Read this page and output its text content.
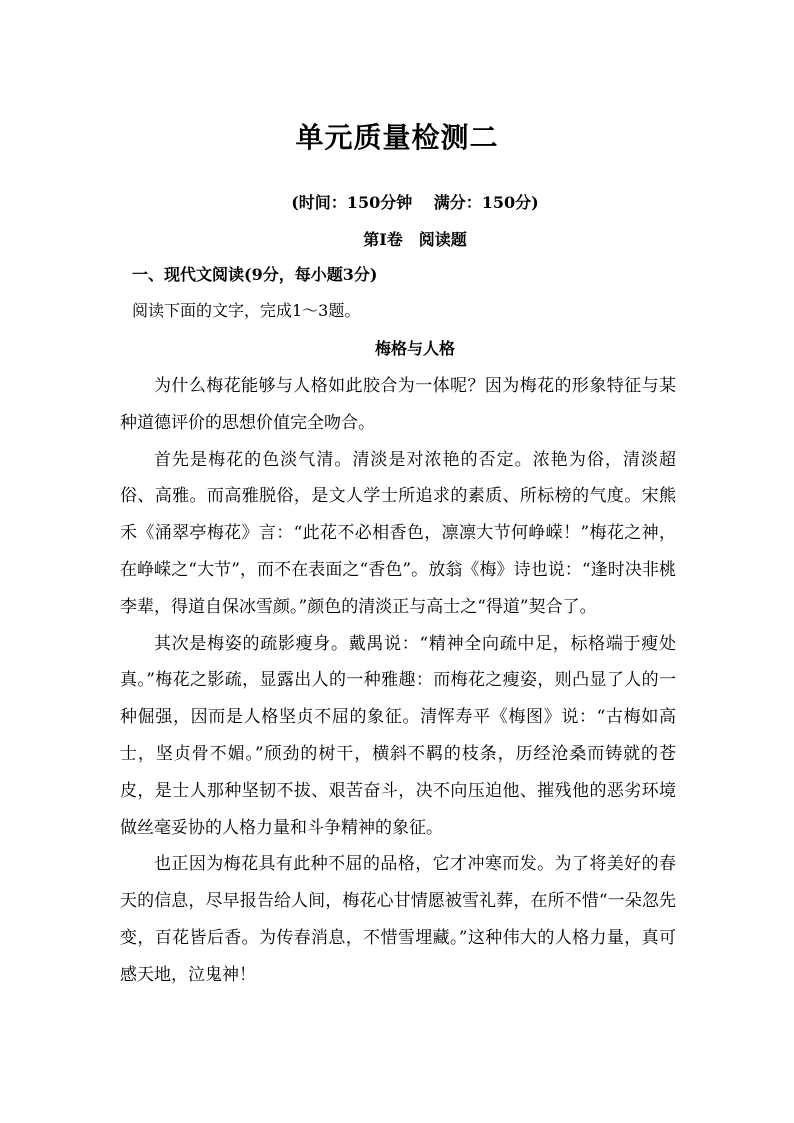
单元质量检测二
(时间：150分钟　 满分：150分)
第Ⅰ卷　阅读题
一、现代文阅读(9分，每小题3分)
阅读下面的文字，完成1～3题。
梅格与人格

为什么梅花能够与人格如此胶合为一体呢？因为梅花的形象特征与某种道德评价的思想价值完全吻合。

首先是梅花的色淡气清。清淡是对浓艳的否定。浓艳为俗，清淡超俗、高雅。而高雅脱俗，是文人学士所追求的素质、所标榜的气度。宋熊禾《涌翠亭梅花》言：“此花不必相香色，凛凛大节何峥嵘！”梅花之神，在峥嵘之“大节”，而不在表面之“香色”。放翁《梅》诗也说：“逢时决非桃李辈，得道自保冰雪颜。”颜色的清淡正与高士之“得道”契合了。

其次是梅姿的疏影瘦身。戴禺说：“精神全向疏中足，标格端于瘦处真。”梅花之影疏，显露出人的一种雅趣：而梅花之瘦姿，则凸显了人的一种倔强，因而是人格坚贞不屈的象征。清恽寿平《梅图》说：“古梅如高士，坚贞骨不媚。”颀劲的树干，横斜不羁的枝条，历经沧桑而铸就的苍皮，是士人那种坚韧不拔、艰苦奋斗，决不向压迫他、摧残他的恶劣环境做丝毫妥协的人格力量和斗争精神的象征。

也正因为梅花具有此种不屈的品格，它才冲寒而发。为了将美好的春天的信息，尽早报告给人间，梅花心甘情愿被雪礼葬，在所不惜“一朵忽先变，百花皆后香。为传春消息，不惜雪埋藏。”这种伟大的人格力量，真可感天地，泣鬼神！
